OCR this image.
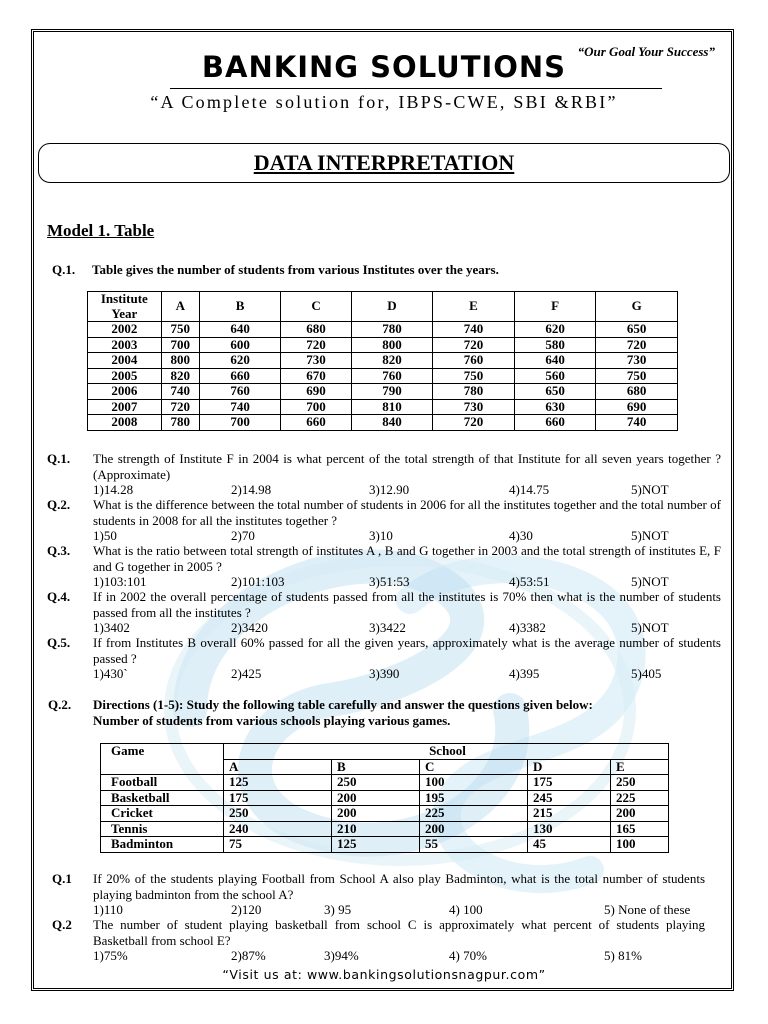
“Our Goal Your Success”
BANKING SOLUTIONS
“A Complete solution for, IBPS-CWE, SBI &RBI”
DATA INTERPRETATION
Model 1. Table
Q.1. Table gives the number of students from various Institutes over the years.
Institute
Year	A	B	C	D	E	F	G
2002	750	640	680	780	740	620	650
2003	700	600	720	800	720	580	720
2004	800	620	730	820	760	640	730
2005	820	660	670	760	750	560	750
2006	740	760	690	790	780	650	680
2007	720	740	700	810	730	630	690
2008	780	700	660	840	720	660	740
Q.1. The strength of Institute F in 2004 is what percent of the total strength of that Institute for all seven years together ? (Approximate)
1)14.28	2)14.98	3)12.90	4)14.75	5)NOT
Q.2. What is the difference between the total number of students in 2006 for all the institutes together and the total number of students in 2008 for all the institutes together ?
1)50	2)70	3)10	4)30	5)NOT
Q.3. What is the ratio between total strength of institutes A , B and G together in 2003 and the total strength of institutes E, F and G together in 2005 ?
1)103:101	2)101:103	3)51:53	4)53:51	5)NOT
Q.4. If in 2002 the overall percentage of students passed from all the institutes is 70% then what is the number of students passed from all the institutes ?
1)3402	2)3420	3)3422	4)3382	5)NOT
Q.5. If from Institutes B overall 60% passed for all the given years, approximately what is the average number of students passed ?
1)430`	2)425	3)390	4)395	5)405
Q.2. Directions (1-5): Study the following table carefully and answer the questions given below:
Number of students from various schools playing various games.
Game	School				
	A	B	C	D	E
Football	125	250	100	175	250
Basketball	175	200	195	245	225
Cricket	250	200	225	215	200
Tennis	240	210	200	130	165
Badminton	75	125	55	45	100
Q.1 If 20% of the students playing Football from School A also play Badminton, what is the total number of students playing badminton from the school A?
1)110	2)120	3) 95	4) 100	5) None of these
Q.2 The number of student playing basketball from school C is approximately what percent of students playing Basketball from school E?
1)75%	2)87%	3)94%	4) 70%	5) 81%
“Visit us at: www.bankingsolutionsnagpur.com”
